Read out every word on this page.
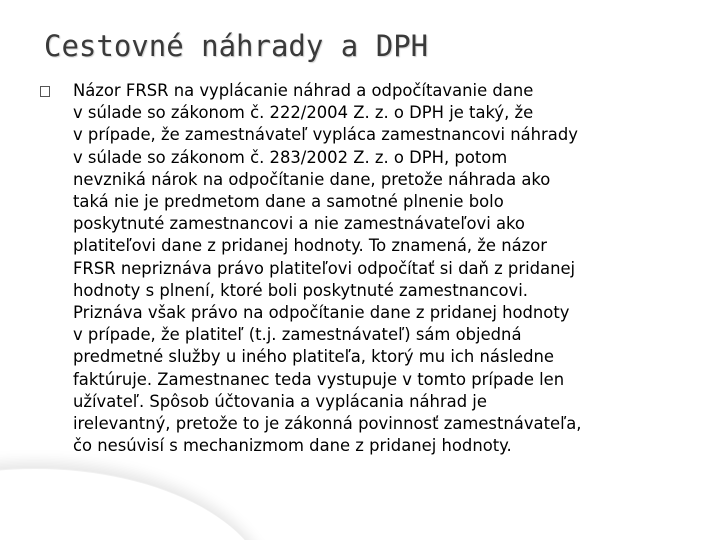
Cestovné náhrady a DPH

Názor FRSR na vyplácanie náhrad a odpočítavanie dane
v súlade so zákonom č. 222/2004 Z. z. o DPH je taký, že
v prípade, že zamestnávateľ vypláca zamestnancovi náhrady
v súlade so zákonom č. 283/2002 Z. z. o DPH, potom
nevzniká nárok na odpočítanie dane, pretože náhrada ako
taká nie je predmetom dane a samotné plnenie bolo
poskytnuté zamestnancovi a nie zamestnávateľovi ako
platiteľovi dane z pridanej hodnoty. To znamená, že názor
FRSR nepriznáva právo platiteľovi odpočítať si daň z pridanej
hodnoty s plnení, ktoré boli poskytnuté zamestnancovi.
Priznáva však právo na odpočítanie dane z pridanej hodnoty
v prípade, že platiteľ (t.j. zamestnávateľ) sám objedná
predmetné služby u iného platiteľa, ktorý mu ich následne
faktúruje. Zamestnanec teda vystupuje v tomto prípade len
užívateľ. Spôsob účtovania a vyplácania náhrad je
irelevantný, pretože to je zákonná povinnosť zamestnávateľa,
čo nesúvisí s mechanizmom dane z pridanej hodnoty.
